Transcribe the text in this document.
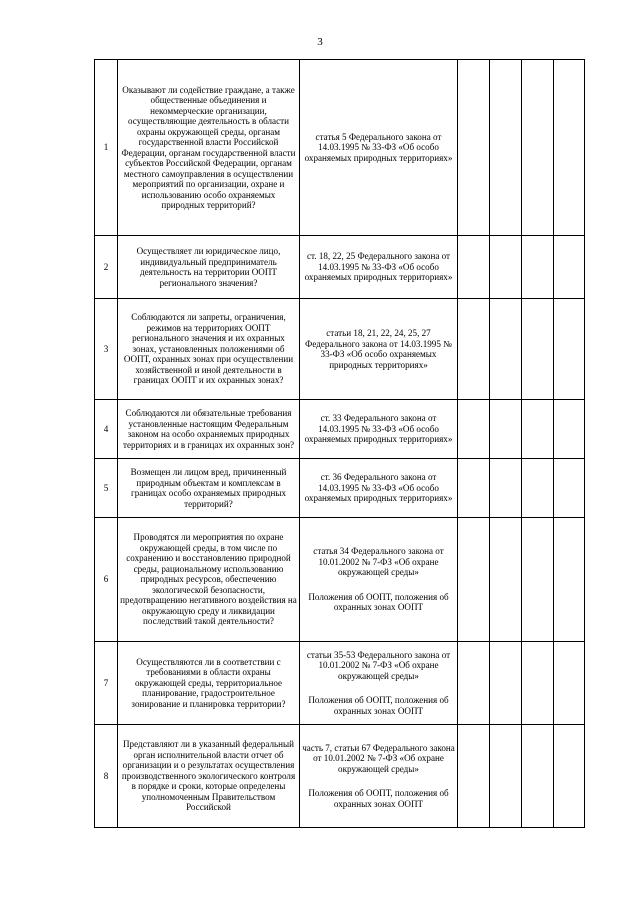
3
1	Оказывают ли содействие граждане, а также общественные объединения и некоммерческие организации, осуществляющие деятельность в области охраны окружающей среды, органам государственной власти Российской Федерации, органам государственной власти субъектов Российской Федерации, органам местного самоуправления в осуществлении мероприятий по организации, охране и использованию особо охраняемых природных территорий?	статья 5 Федерального закона от 14.03.1995 № 33-ФЗ «Об особо охраняемых природных территориях»				

2	Осуществляет ли юридическое лицо, индивидуальный предприниматель деятельность на территории ООПТ регионального значения?	ст. 18, 22, 25 Федерального закона от 14.03.1995 № 33-ФЗ «Об особо охраняемых природных территориях»				

3	Соблюдаются ли запреты, ограничения, режимов на территориях ООПТ регионального значения и их охранных зонах, установленных положениями об ООПТ, охранных зонах при осуществлении хозяйственной и иной деятельности в границах ООПТ и их охранных зонах?	статьи 18, 21, 22, 24, 25, 27 Федерального закона от 14.03.1995 № 33-ФЗ «Об особо охраняемых природных территориях»				

4	Соблюдаются ли обязательные требования установленные настоящим Федеральным законом на особо охраняемых природных территориях и в границах их охранных зон?	ст. 33 Федерального закона от 14.03.1995 № 33-ФЗ «Об особо охраняемых природных территориях»				

5	Возмещен ли лицом вред, причиненный природным объектам и комплексам в границах особо охраняемых природных территорий?	ст. 36 Федерального закона от 14.03.1995 № 33-ФЗ «Об особо охраняемых природных территориях»				

6	Проводятся ли мероприятия по охране окружающей среды, в том числе по сохранению и восстановлению природной среды, рациональному использованию природных ресурсов, обеспечению экологической безопасности, предотвращению негативного воздействия на окружающую среду и ликвидации последствий такой деятельности?	статья 34 Федерального закона от 10.01.2002 № 7-ФЗ «Об охране окружающей среды»
Положения об ООПТ, положения об охранных зонах ООПТ				

7	Осуществляются ли в соответствии с требованиями в области охраны окружающей среды, территориальное планирование, градостроительное зонирование и планировка территории?	статьи 35-53 Федерального закона от 10.01.2002 № 7-ФЗ «Об охране окружающей среды»
Положения об ООПТ, положения об охранных зонах ООПТ				

8	Представляют ли в указанный федеральный орган исполнительной власти отчет об организации и о результатах осуществления производственного экологического контроля в порядке и сроки, которые определены уполномоченным Правительством Российской	часть 7, статьи 67 Федерального закона от 10.01.2002 № 7-ФЗ «Об охране окружающей среды»
Положения об ООПТ, положения об охранных зонах ООПТ				
